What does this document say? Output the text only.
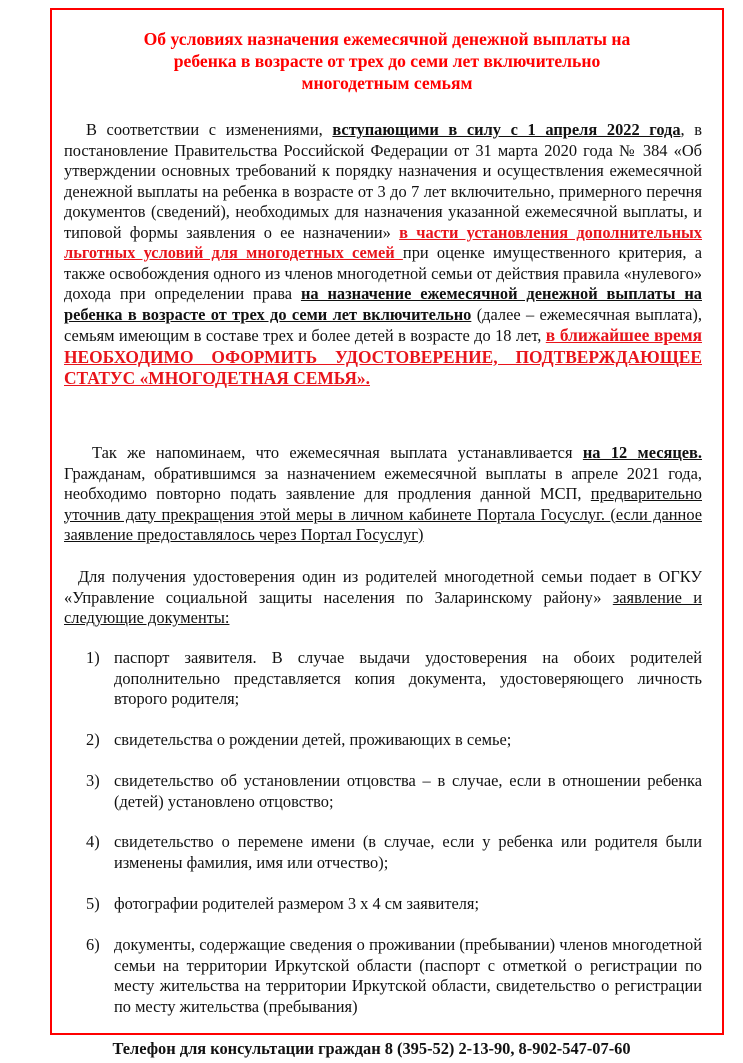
Об условиях назначения ежемесячной денежной выплаты на
ребенка в возрасте от трех до семи лет включительно
многодетным семьям
В соответствии с изменениями, вступающими в силу с 1 апреля 2022 года, в постановление Правительства Российской Федерации от 31 марта 2020 года № 384 «Об утверждении основных требований к порядку назначения и осуществления ежемесячной денежной выплаты на ребенка в возрасте от 3 до 7 лет включительно, примерного перечня документов (сведений), необходимых для назначения указанной ежемесячной выплаты, и типовой формы заявления о ее назначении» в части установления дополнительных льготных условий для многодетных семей при оценке имущественного критерия, а также освобождения одного из членов многодетной семьи от действия правила «нулевого» дохода при определении права на назначение ежемесячной денежной выплаты на ребенка в возрасте от трех до семи лет включительно (далее – ежемесячная выплата), семьям имеющим в составе трех и более детей в возрасте до 18 лет, в ближайшее время НЕОБХОДИМО ОФОРМИТЬ УДОСТОВЕРЕНИЕ, ПОДТВЕРЖДАЮЩЕЕ СТАТУС «МНОГОДЕТНАЯ СЕМЬЯ».
Так же напоминаем, что ежемесячная выплата устанавливается на 12 месяцев. Гражданам, обратившимся за назначением ежемесячной выплаты в апреле 2021 года, необходимо повторно подать заявление для продления данной МСП, предварительно уточнив дату прекращения этой меры в личном кабинете Портала Госуслуг. (если данное заявление предоставлялось через Портал Госуслуг)
Для получения удостоверения один из родителей многодетной семьи подает в ОГКУ «Управление социальной защиты населения по Заларинскому району» заявление и следующие документы:
1) паспорт заявителя. В случае выдачи удостоверения на обоих родителей дополнительно представляется копия документа, удостоверяющего личность второго родителя;
2) свидетельства о рождении детей, проживающих в семье;
3) свидетельство об установлении отцовства – в случае, если в отношении ребенка (детей) установлено отцовство;
4) свидетельство о перемене имени (в случае, если у ребенка или родителя были изменены фамилия, имя или отчество);
5) фотографии родителей размером 3 х 4 см заявителя;
6) документы, содержащие сведения о проживании (пребывании) членов многодетной семьи на территории Иркутской области (паспорт с отметкой о регистрации по месту жительства на территории Иркутской области, свидетельство о регистрации по месту жительства (пребывания)
Телефон для консультации граждан 8 (395-52) 2-13-90, 8-902-547-07-60
